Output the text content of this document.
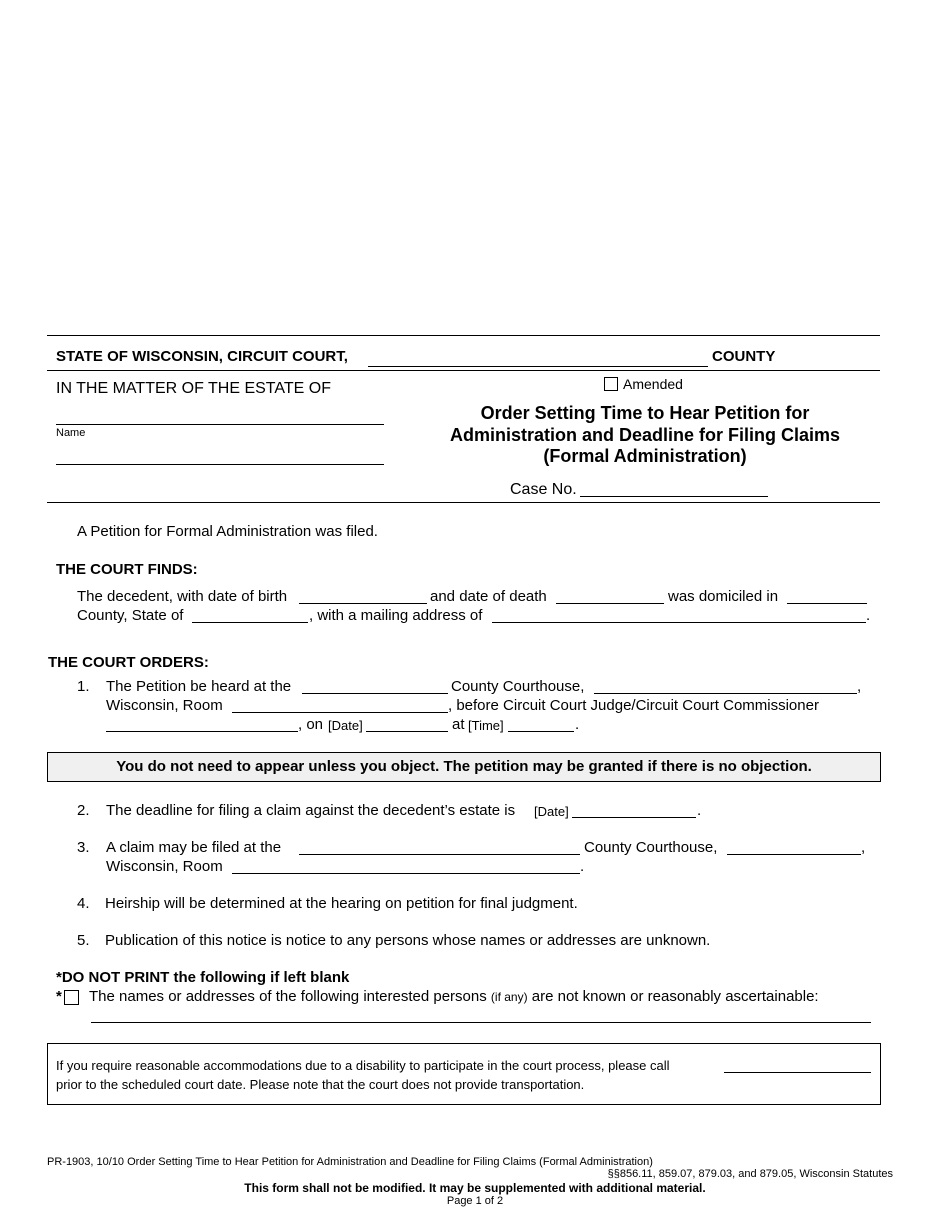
STATE OF WISCONSIN, CIRCUIT COURT,	COUNTY
IN THE MATTER OF THE ESTATE OF
Name
Amended
Order Setting Time to Hear Petition for
Administration and Deadline for Filing Claims
(Formal Administration)
Case No.
A Petition for Formal Administration was filed.
THE COURT FINDS:
The decedent, with date of birth	and date of death	was domiciled in
County, State of	, with a mailing address of	.
THE COURT ORDERS:
1. The Petition be heard at the	County Courthouse,	,
Wisconsin, Room	, before Circuit Court Judge/Circuit Court Commissioner
, on [Date]	at [Time]	.
You do not need to appear unless you object. The petition may be granted if there is no objection.
2. The deadline for filing a claim against the decedent’s estate is [Date]	.
3. A claim may be filed at the	County Courthouse,	,
Wisconsin, Room	.
4. Heirship will be determined at the hearing on petition for final judgment.
5. Publication of this notice is notice to any persons whose names or addresses are unknown.
*DO NOT PRINT the following if left blank
* The names or addresses of the following interested persons (if any) are not known or reasonably ascertainable:
If you require reasonable accommodations due to a disability to participate in the court process, please call
prior to the scheduled court date. Please note that the court does not provide transportation.
PR-1903, 10/10 Order Setting Time to Hear Petition for Administration and Deadline for Filing Claims (Formal Administration)
§§856.11, 859.07, 879.03, and 879.05, Wisconsin Statutes
This form shall not be modified. It may be supplemented with additional material.
Page 1 of 2
